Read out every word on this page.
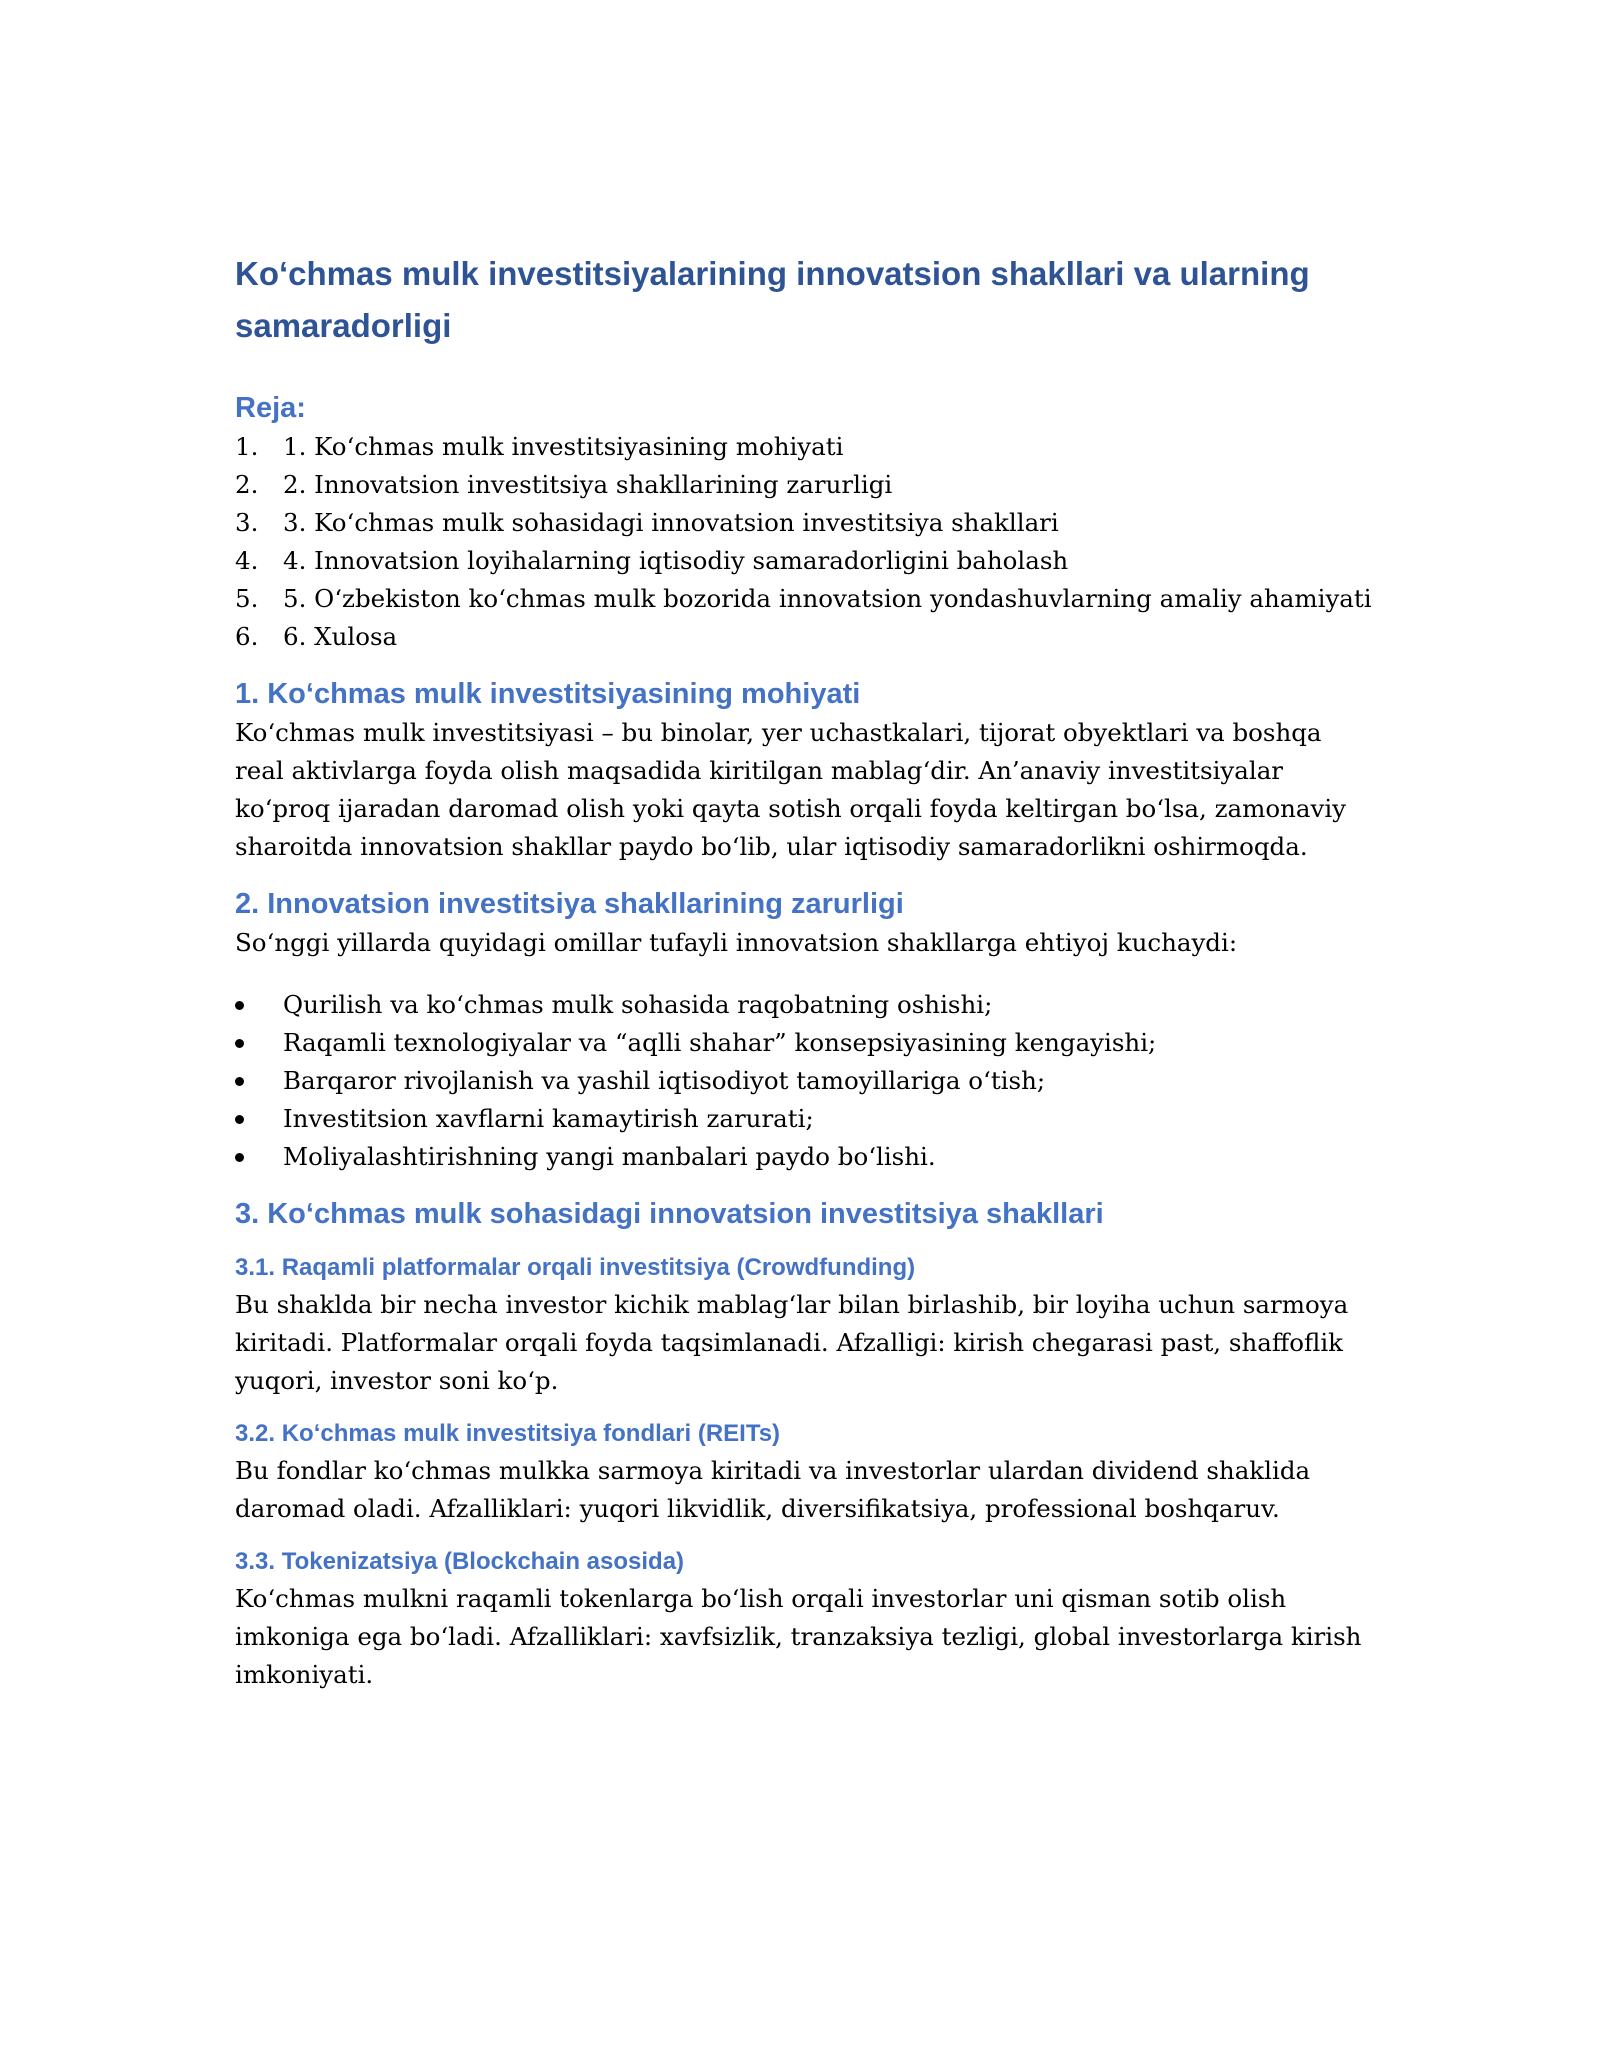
Koʻchmas mulk investitsiyalarining innovatsion shakllari va ularning samaradorligi
Reja:
1. 1. Koʻchmas mulk investitsiyasining mohiyati
2. 2. Innovatsion investitsiya shakllarining zarurligi
3. 3. Koʻchmas mulk sohasidagi innovatsion investitsiya shakllari
4. 4. Innovatsion loyihalarning iqtisodiy samaradorligini baholash
5. 5. Oʻzbekiston koʻchmas mulk bozorida innovatsion yondashuvlarning amaliy ahamiyati
6. 6. Xulosa
1. Koʻchmas mulk investitsiyasining mohiyati

Koʻchmas mulk investitsiyasi – bu binolar, yer uchastkalari, tijorat obyektlari va boshqa real aktivlarga foyda olish maqsadida kiritilgan mablagʻdir. An’anaviy investitsiyalar koʻproq ijaradan daromad olish yoki qayta sotish orqali foyda keltirgan boʻlsa, zamonaviy sharoitda innovatsion shakllar paydo boʻlib, ular iqtisodiy samaradorlikni oshirmoqda.

2. Innovatsion investitsiya shakllarining zarurligi

Soʻnggi yillarda quyidagi omillar tufayli innovatsion shakllarga ehtiyoj kuchaydi:

Qurilish va koʻchmas mulk sohasida raqobatning oshishi;
Raqamli texnologiyalar va “aqlli shahar” konsepsiyasining kengayishi;
Barqaror rivojlanish va yashil iqtisodiyot tamoyillariga oʻtish;
Investitsion xavflarni kamaytirish zarurati;
Moliyalashtirishning yangi manbalari paydo boʻlishi.
3. Koʻchmas mulk sohasidagi innovatsion investitsiya shakllari
3.1. Raqamli platformalar orqali investitsiya (Crowdfunding)

Bu shaklda bir necha investor kichik mablagʻlar bilan birlashib, bir loyiha uchun sarmoya kiritadi. Platformalar orqali foyda taqsimlanadi. Afzalligi: kirish chegarasi past, shaffoflik yuqori, investor soni koʻp.

3.2. Koʻchmas mulk investitsiya fondlari (REITs)

Bu fondlar koʻchmas mulkka sarmoya kiritadi va investorlar ulardan dividend shaklida daromad oladi. Afzalliklari: yuqori likvidlik, diversifikatsiya, professional boshqaruv.

3.3. Tokenizatsiya (Blockchain asosida)

Koʻchmas mulkni raqamli tokenlarga boʻlish orqali investorlar uni qisman sotib olish imkoniga ega boʻladi. Afzalliklari: xavfsizlik, tranzaksiya tezligi, global investorlarga kirish imkoniyati.
